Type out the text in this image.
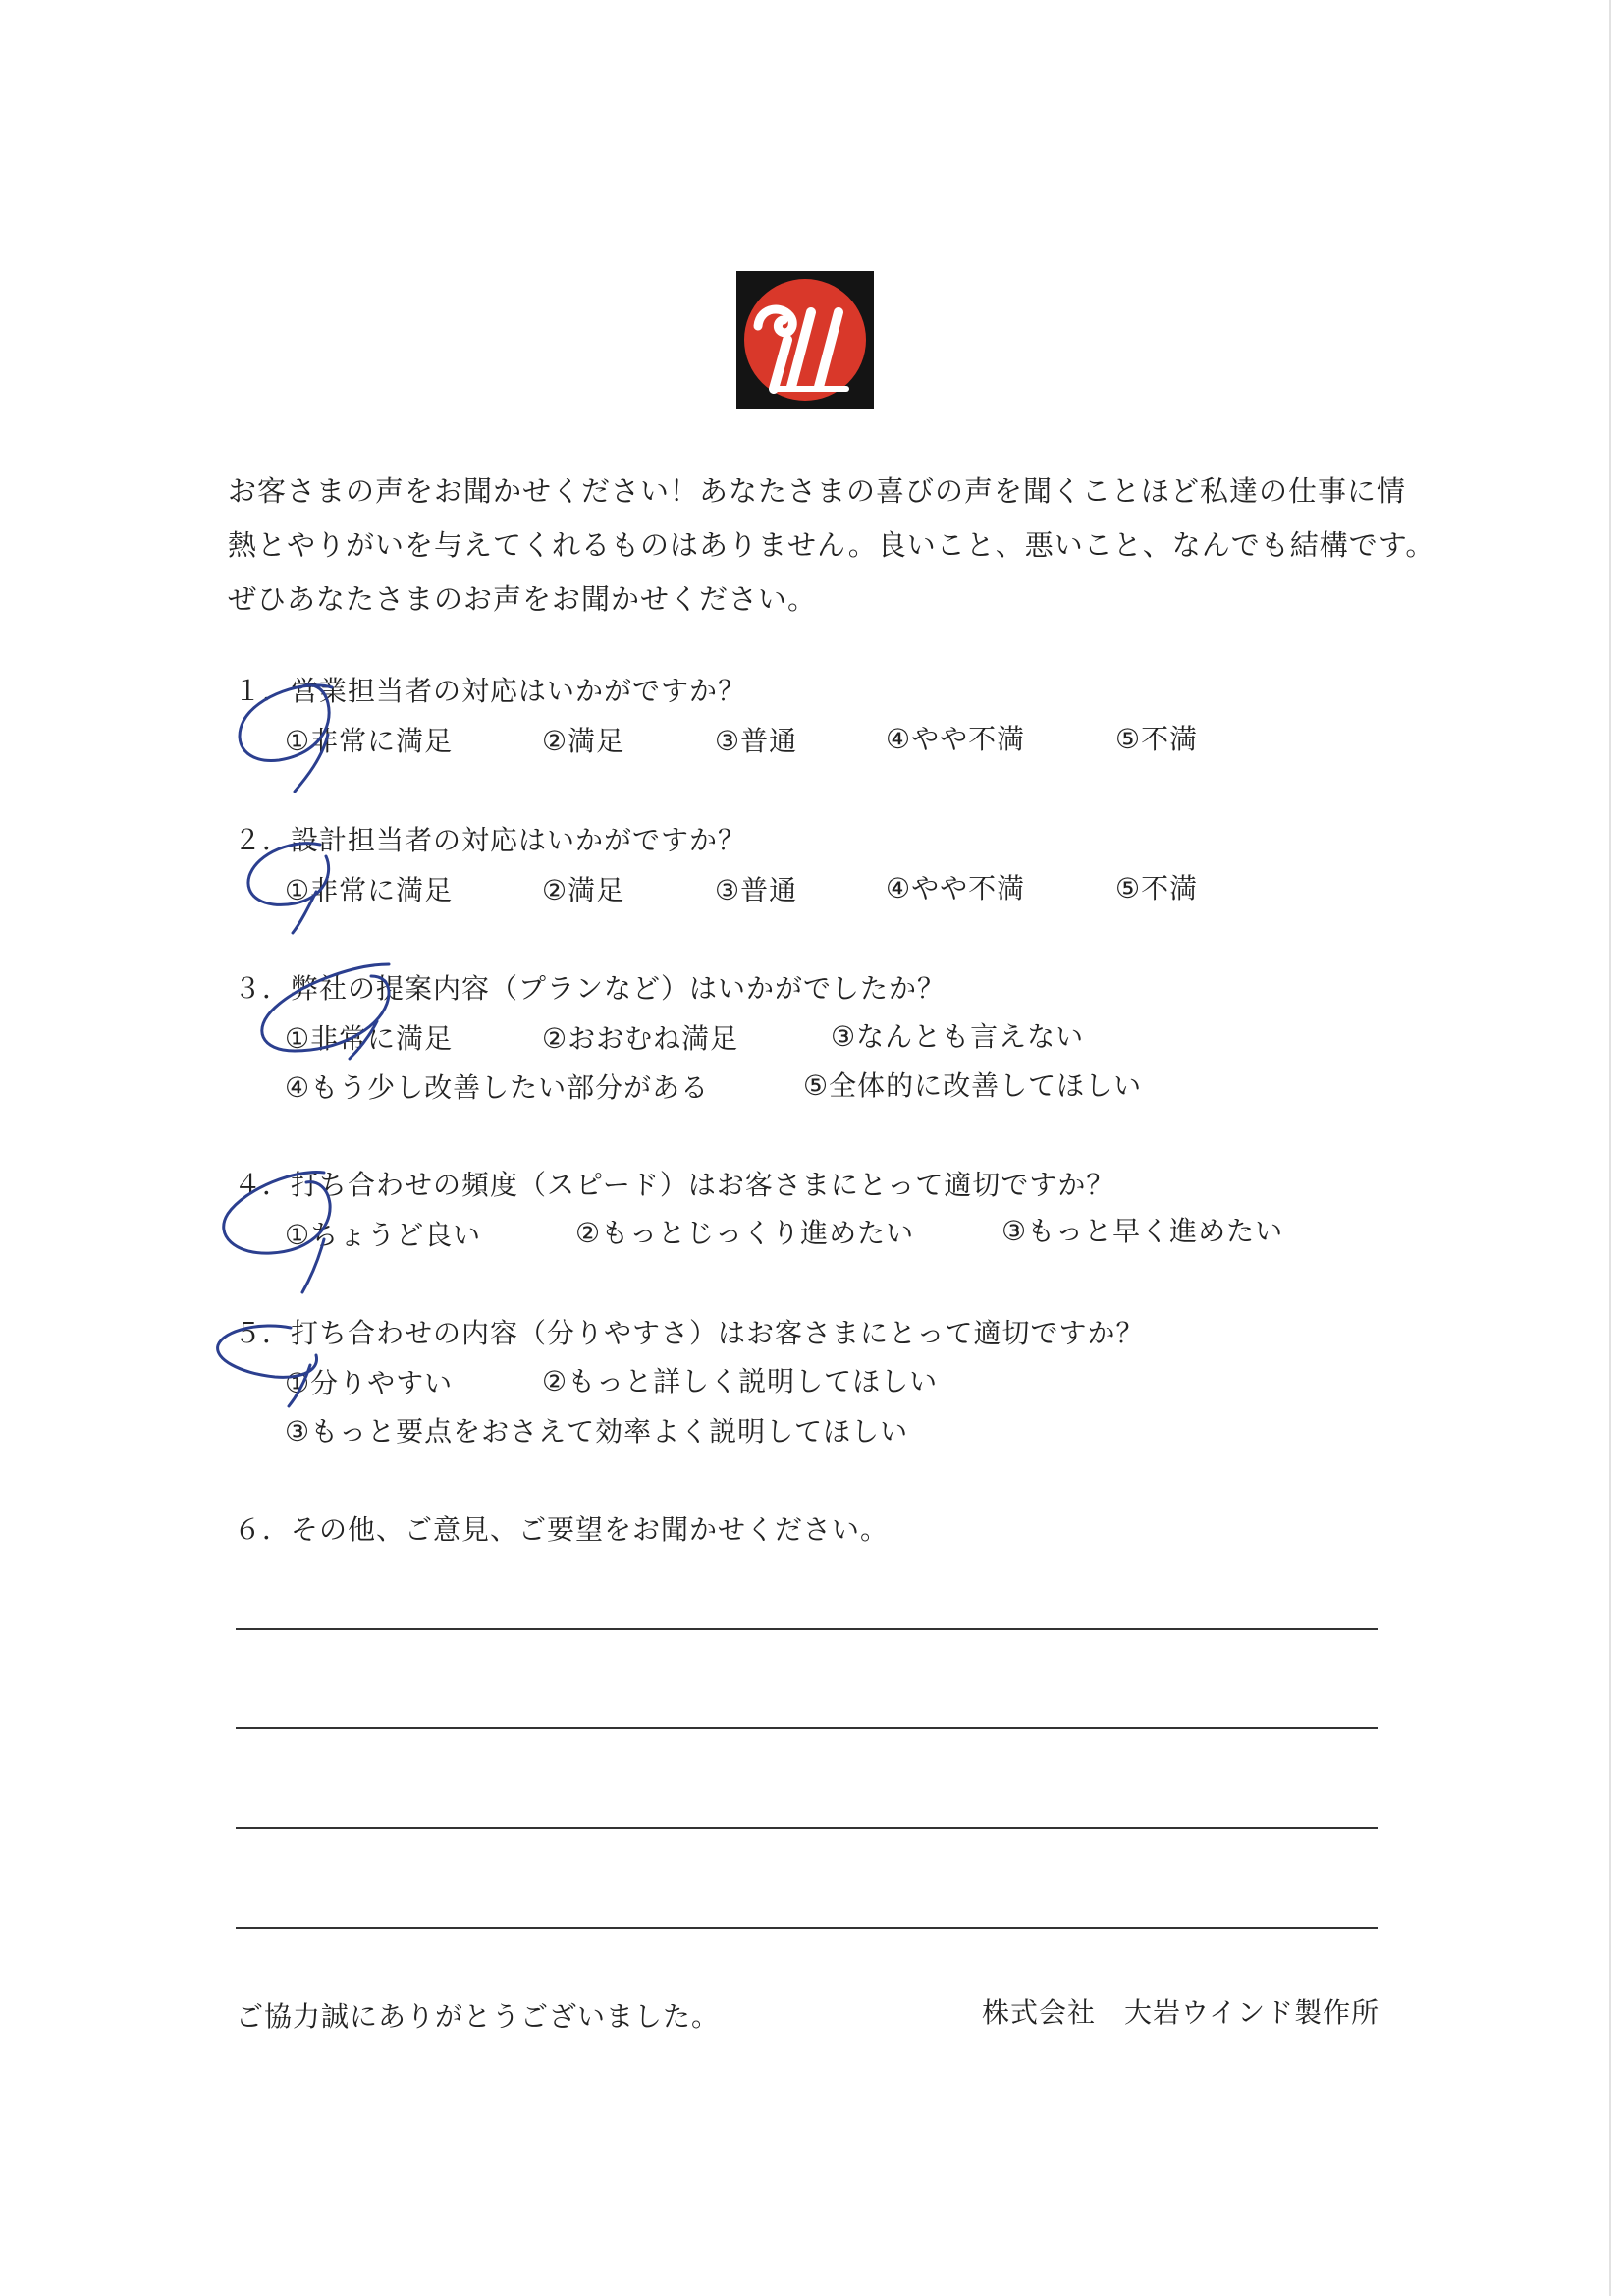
お客さまの声をお聞かせください！あなたさまの喜びの声を聞くことほど私達の仕事に情
熱とやりがいを与えてくれるものはありません。良いこと、悪いこと、なんでも結構です。
ぜひあなたさまのお声をお聞かせください。
１．営業担当者の対応はいかがですか？
①非常に満足	②満足	③普通	④やや不満	⑤不満
２．設計担当者の対応はいかがですか？
①非常に満足	②満足	③普通	④やや不満	⑤不満
３．弊社の提案内容（プランなど）はいかがでしたか？
①非常に満足	②おおむね満足	③なんとも言えない
④もう少し改善したい部分がある	⑤全体的に改善してほしい
４．打ち合わせの頻度（スピード）はお客さまにとって適切ですか？
①ちょうど良い	②もっとじっくり進めたい	③もっと早く進めたい
５．打ち合わせの内容（分りやすさ）はお客さまにとって適切ですか？
①分りやすい	②もっと詳しく説明してほしい
③もっと要点をおさえて効率よく説明してほしい
６．その他、ご意見、ご要望をお聞かせください。
ご協力誠にありがとうございました。	株式会社　大岩ウインド製作所
